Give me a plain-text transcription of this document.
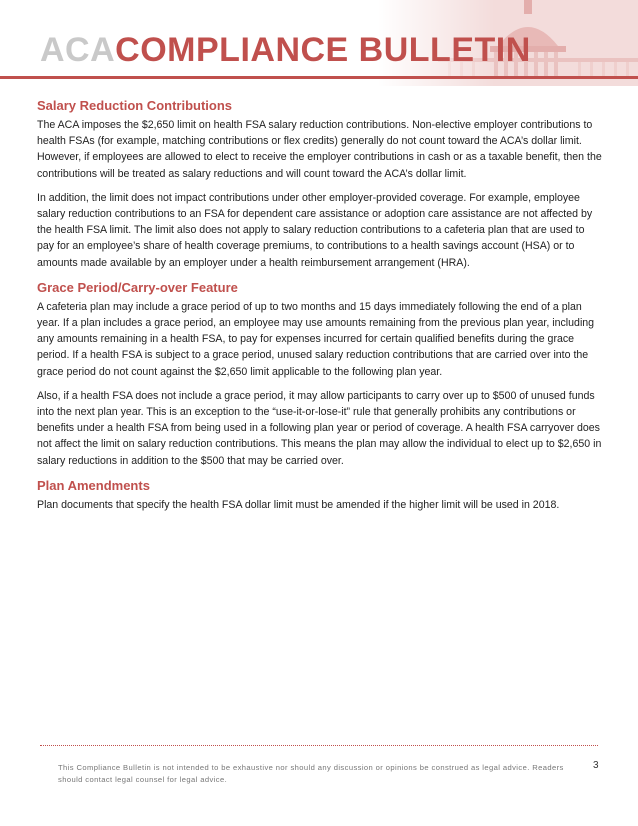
ACACOMPLIANCE BULLETIN
Salary Reduction Contributions

The ACA imposes the $2,650 limit on health FSA salary reduction contributions. Non-elective employer contributions to health FSAs (for example, matching contributions or flex credits) generally do not count toward the ACA’s dollar limit. However, if employees are allowed to elect to receive the employer contributions in cash or as a taxable benefit, then the contributions will be treated as salary reductions and will count toward the ACA’s dollar limit.

In addition, the limit does not impact contributions under other employer-provided coverage. For example, employee salary reduction contributions to an FSA for dependent care assistance or adoption care assistance are not affected by the health FSA limit. The limit also does not apply to salary reduction contributions to a cafeteria plan that are used to pay for an employee’s share of health coverage premiums, to contributions to a health savings account (HSA) or to amounts made available by an employer under a health reimbursement arrangement (HRA).

Grace Period/Carry-over Feature

A cafeteria plan may include a grace period of up to two months and 15 days immediately following the end of a plan year. If a plan includes a grace period, an employee may use amounts remaining from the previous plan year, including any amounts remaining in a health FSA, to pay for expenses incurred for certain qualified benefits during the grace period. If a health FSA is subject to a grace period, unused salary reduction contributions that are carried over into the grace period do not count against the $2,650 limit applicable to the following plan year.

Also, if a health FSA does not include a grace period, it may allow participants to carry over up to $500 of unused funds into the next plan year. This is an exception to the “use-it-or-lose-it” rule that generally prohibits any contributions or benefits under a health FSA from being used in a following plan year or period of coverage. A health FSA carryover does not affect the limit on salary reduction contributions. This means the plan may allow the individual to elect up to $2,650 in salary reductions in addition to the $500 that may be carried over.

Plan Amendments

Plan documents that specify the health FSA dollar limit must be amended if the higher limit will be used in 2018.

This Compliance Bulletin is not intended to be exhaustive nor should any discussion or opinions be construed as legal advice. Readers should contact legal counsel for legal advice.
3
